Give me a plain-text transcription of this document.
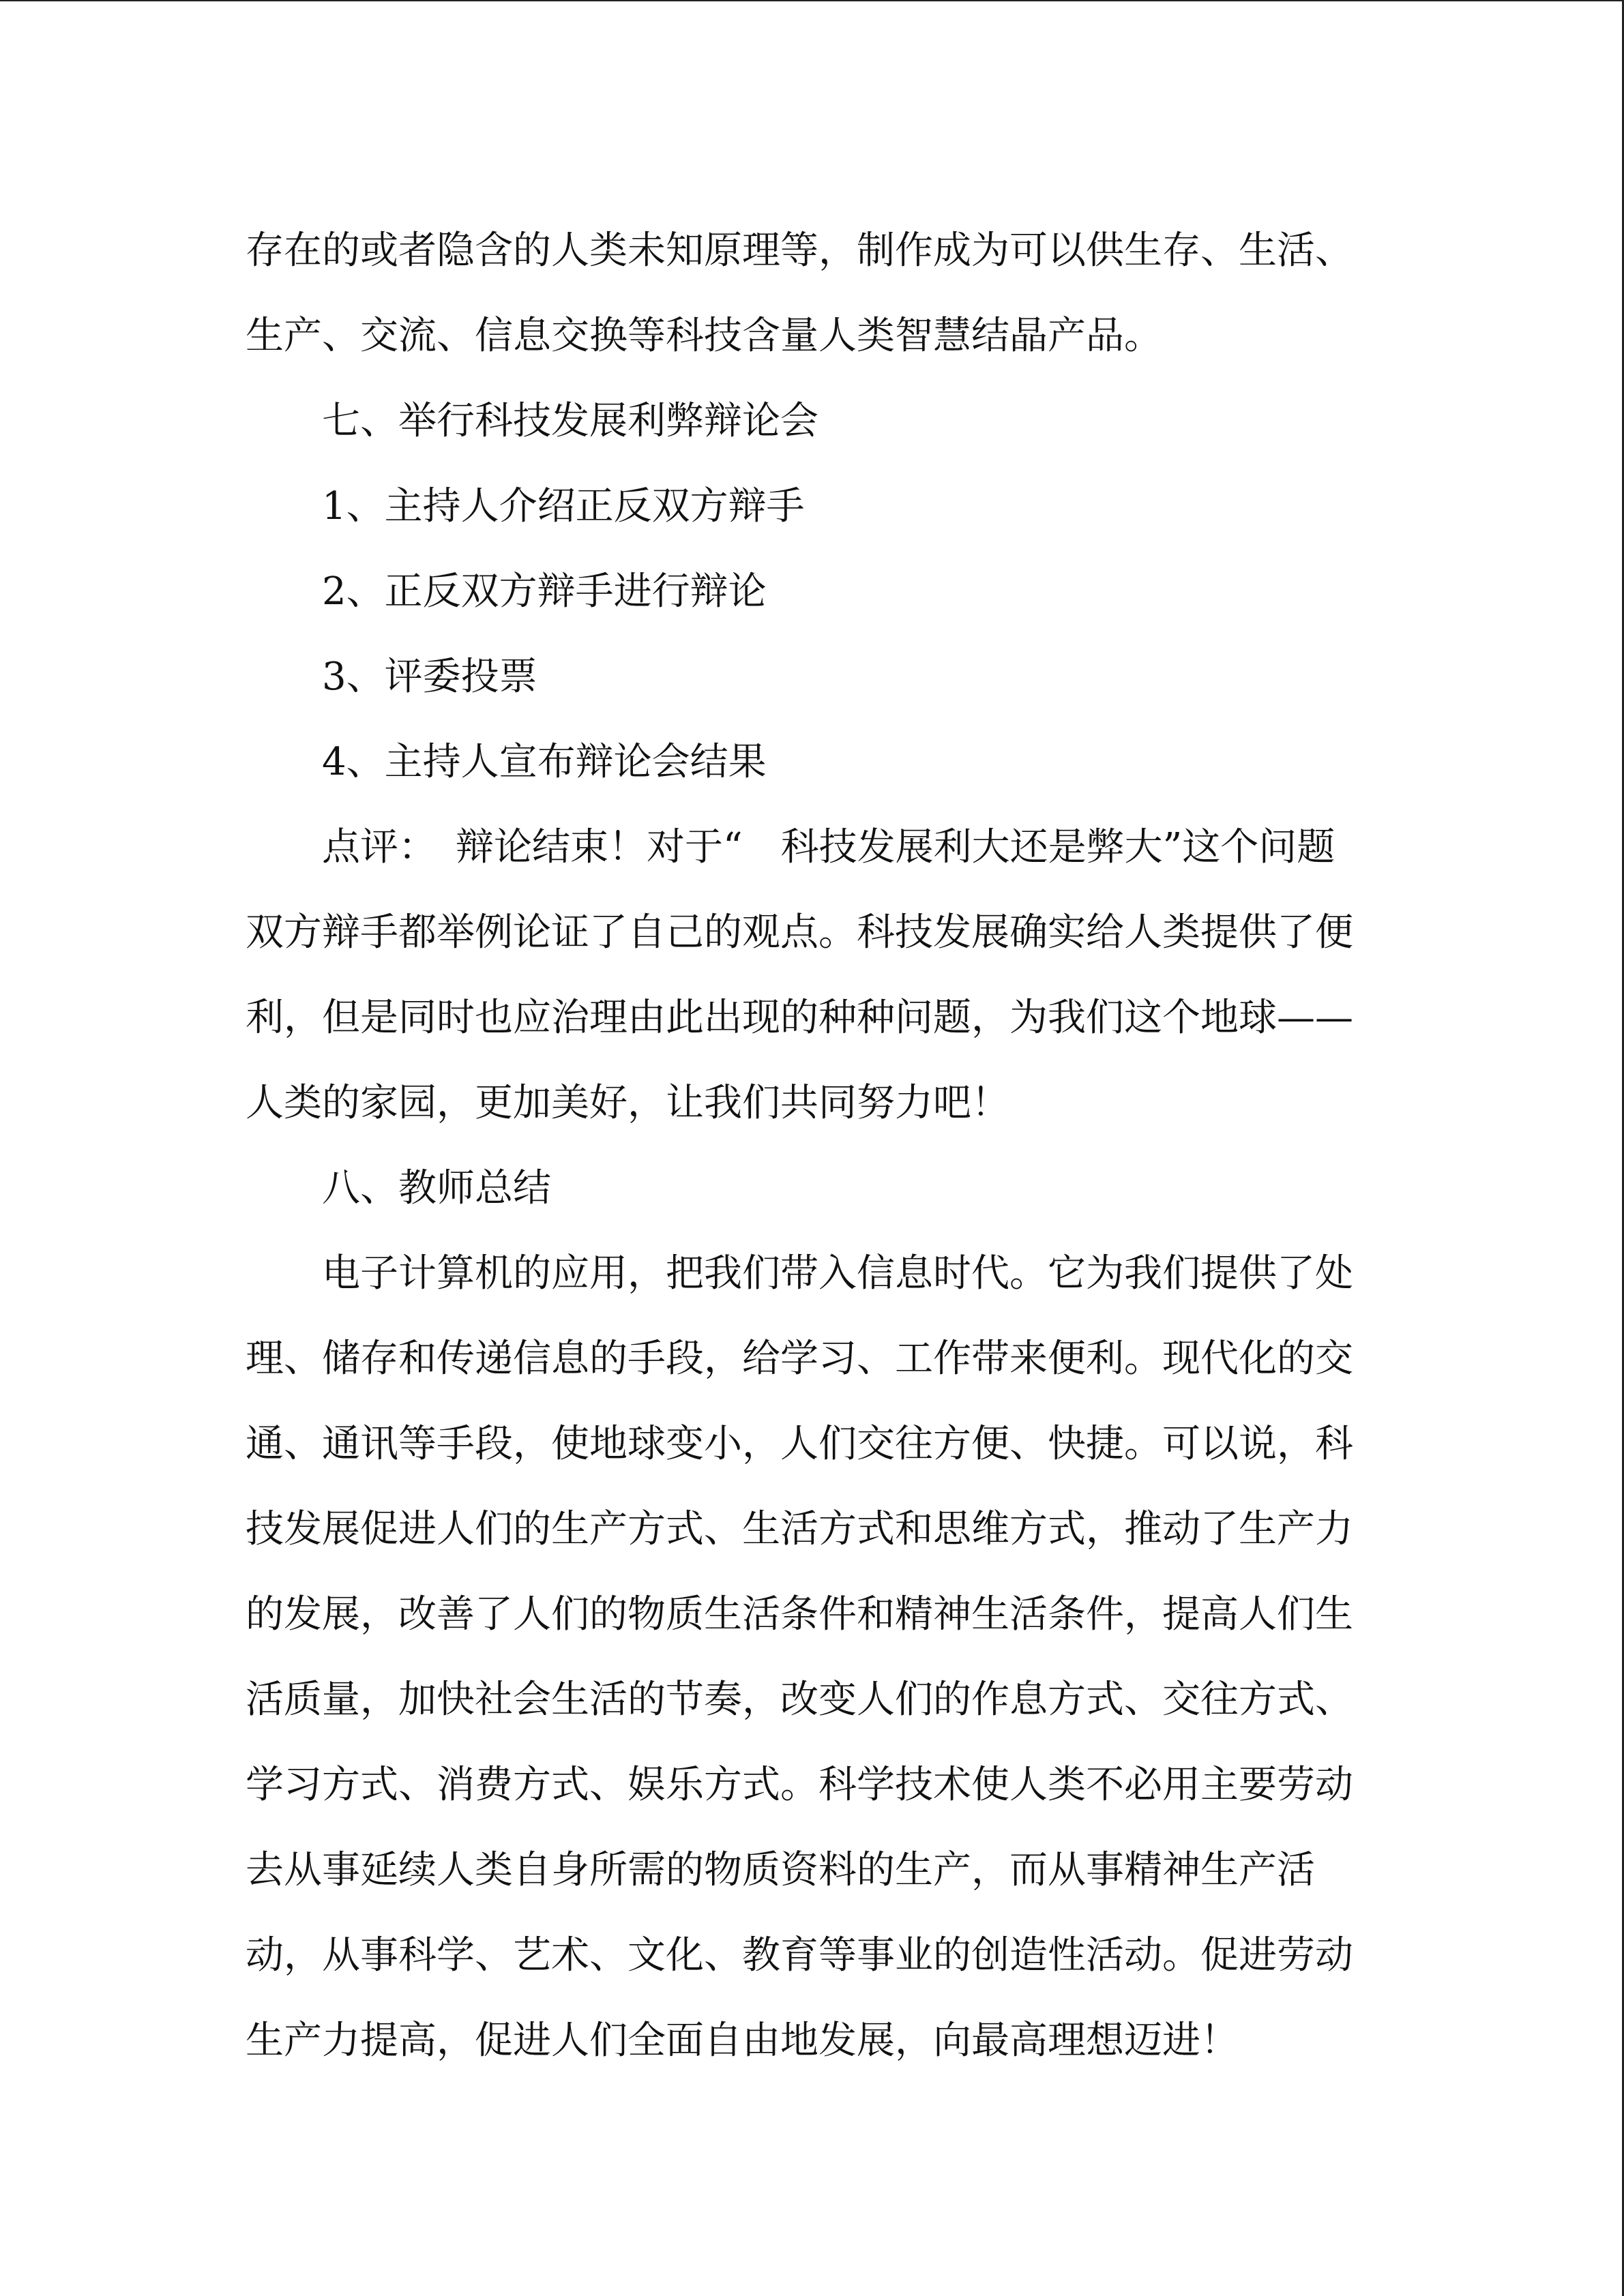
存在的或者隐含的人类未知原理等，制作成为可以供生存、生活、
生产、交流、信息交换等科技含量人类智慧结晶产品。
七、举行科技发展利弊辩论会
1、主持人介绍正反双方辩手
2、正反双方辩手进行辩论
3、评委投票
4、主持人宣布辩论会结果
点评：　辩论结束！对于“　科技发展利大还是弊大”这个问题
双方辩手都举例论证了自己的观点。科技发展确实给人类提供了便
利，但是同时也应治理由此出现的种种问题，为我们这个地球——
人类的家园，更加美好，让我们共同努力吧！
八、教师总结
电子计算机的应用，把我们带入信息时代。它为我们提供了处
理、储存和传递信息的手段，给学习、工作带来便利。现代化的交
通、通讯等手段，使地球变小，人们交往方便、快捷。可以说，科
技发展促进人们的生产方式、生活方式和思维方式，推动了生产力
的发展，改善了人们的物质生活条件和精神生活条件，提高人们生
活质量，加快社会生活的节奏，改变人们的作息方式、交往方式、
学习方式、消费方式、娱乐方式。科学技术使人类不必用主要劳动
去从事延续人类自身所需的物质资料的生产，而从事精神生产活
动，从事科学、艺术、文化、教育等事业的创造性活动。促进劳动
生产力提高，促进人们全面自由地发展，向最高理想迈进！
